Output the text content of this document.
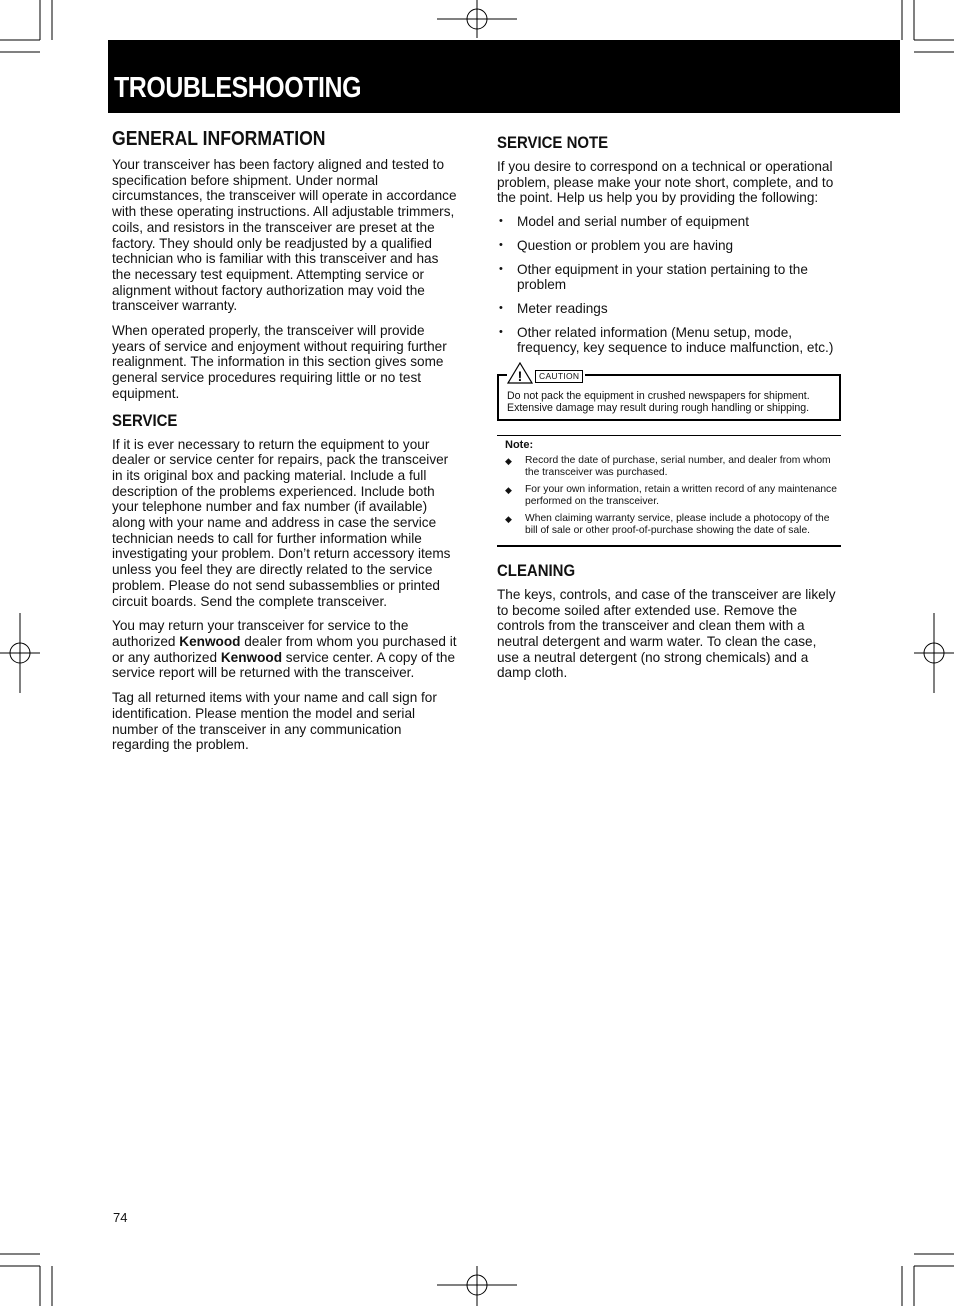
TROUBLESHOOTING
GENERAL INFORMATION

Your transceiver has been factory aligned and tested to specification before shipment. Under normal circumstances, the transceiver will operate in accordance with these operating instructions. All adjustable trimmers, coils, and resistors in the transceiver are preset at the factory. They should only be readjusted by a qualified technician who is familiar with this transceiver and has the necessary test equipment. Attempting service or alignment without factory authorization may void the transceiver warranty.

When operated properly, the transceiver will provide years of service and enjoyment without requiring further realignment. The information in this section gives some general service procedures requiring little or no test equipment.

SERVICE

If it is ever necessary to return the equipment to your dealer or service center for repairs, pack the transceiver in its original box and packing material. Include a full description of the problems experienced. Include both your telephone number and fax number (if available) along with your name and address in case the service technician needs to call for further information while investigating your problem. Don’t return accessory items unless you feel they are directly related to the service problem. Please do not send subassemblies or printed circuit boards. Send the complete transceiver.

You may return your transceiver for service to the authorized Kenwood dealer from whom you purchased it or any authorized Kenwood service center. A copy of the service report will be returned with the transceiver.

Tag all returned items with your name and call sign for identification. Please mention the model and serial number of the transceiver in any communication regarding the problem.

SERVICE NOTE

If you desire to correspond on a technical or operational problem, please make your note short, complete, and to the point. Help us help you by providing the following:

• Model and serial number of equipment
• Question or problem you are having
• Other equipment in your station pertaining to the problem
• Meter readings
• Other related information (Menu setup, mode, frequency, key sequence to induce malfunction, etc.)
!	CAUTION
Do not pack the equipment in crushed newspapers for shipment. Extensive damage may result during rough handling or shipping.
Note:
◆ Record the date of purchase, serial number, and dealer from whom the transceiver was purchased.
◆ For your own information, retain a written record of any maintenance performed on the transceiver.
◆ When claiming warranty service, please include a photocopy of the bill of sale or other proof-of-purchase showing the date of sale.
CLEANING

The keys, controls, and case of the transceiver are likely to become soiled after extended use. Remove the controls from the transceiver and clean them with a neutral detergent and warm water. To clean the case, use a neutral detergent (no strong chemicals) and a damp cloth.

74
